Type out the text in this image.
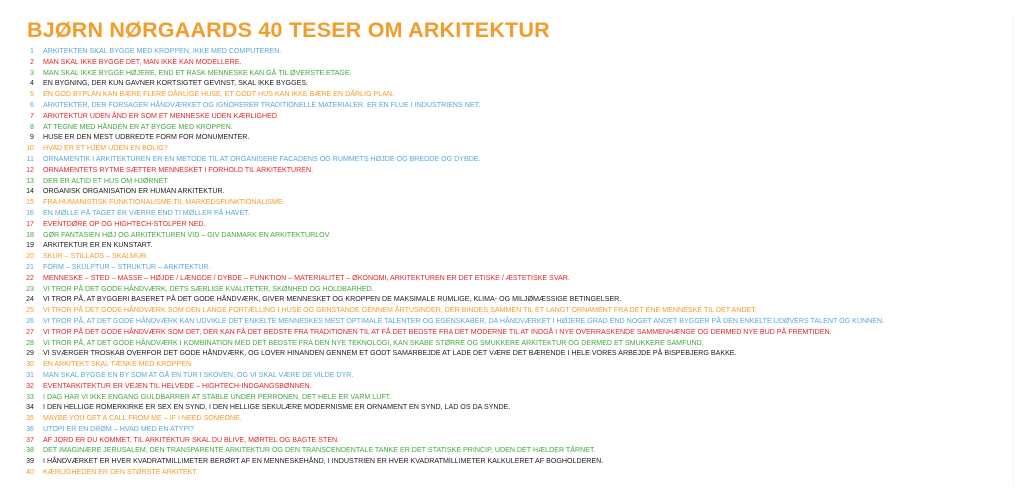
BJØRN NØRGAARDS 40 TESER OM ARKITEKTUR
1 ARKITEKTEN SKAL BYGGE MED KROPPEN, IKKE MED COMPUTEREN.
2 MAN SKAL IKKE BYGGE DET, MAN IKKE KAN MODELLERE.
3 MAN SKAL IKKE BYGGE HØJERE, END ET RASK MENNESKE KAN GÅ TIL ØVERSTE ETAGE.
4 EN BYGNING, DER KUN GAVNER KORTSIGTET GEVINST, SKAL IKKE BYGGES.
5 EN GOD BYPLAN KAN BÆRE FLERE DÅRLIGE HUSE, ET GODT HUS KAN IKKE BÆRE EN DÅRLIG PLAN.
6 ARKITEKTER, DER FORSAGER HÅNDVÆRKET OG IGNORERER TRADITIONELLE MATERIALER, ER EN FLUE I INDUSTRIENS NET.
7 ARKITEKTUR UDEN ÅND ER SOM ET MENNESKE UDEN KÆRLIGHED.
8 AT TEGNE MED HÅNDEN ER AT BYGGE MED KROPPEN.
9 HUSE ER DEN MEST UDBREDTE FORM FOR MONUMENTER.
10 HVAD ER ET HJEM UDEN EN BOLIG?
11 ORNAMENTIK I ARKITEKTUREN ER EN METODE TIL AT ORGANISERE FACADENS OG RUMMETS HØJDE OG BREDDE OG DYBDE.
12 ORNAMENTETS RYTME SÆTTER MENNESKET I FORHOLD TIL ARKITEKTUREN.
13 DER ER ALTID ET HUS OM HJØRNET.
14 ORGANISK ORGANISATION ER HUMAN ARKITEKTUR.
15 FRA HUMANISTISK FUNKTIONALISME TIL MARKEDSFUNKTIONALISME.
16 EN MØLLE PÅ TAGET ER VÆRRE END TI MØLLER PÅ HAVET.
17 EVENTDØRE OP OG HIGHTECH-STOLPER NED.
18 GØR FANTASIEN HØJ OG ARKITEKTUREN VID – GIV DANMARK EN ARKITEKTURLOV.
19 ARKITEKTUR ER EN KUNSTART.
20 SKUR – STILLADS – SKALMUR.
21 FORM – SKULPTUR – STRUKTUR – ARKITEKTUR.
22 MENNESKE – STED – MASSE – HØJDE / LÆNGDE / DYBDE – FUNKTION – MATERIALITET – ØKONOMI, ARKITEKTUREN ER DET ETISKE / ÆSTETISKE SVAR.
23 VI TROR PÅ DET GODE HÅNDVÆRK, DETS SÆRLIGE KVALITETER, SKØNHED OG HOLDBARHED.
24 VI TROR PÅ, AT BYGGERI BASERET PÅ DET GODE HÅNDVÆRK, GIVER MENNESKET OG KROPPEN DE MAKSIMALE RUMLIGE, KLIMA- OG MILJØMÆSSIGE BETINGELSER.
25 VI TROR PÅ DET GODE HÅNDVÆRK SOM DEN LANGE FORTÆLLING I HUSE OG GENSTANDE GENNEM ÅRTUSINDER, DER BINDES SAMMEN TIL ET LANGT ORNAMENT FRA DET ENE MENNESKE TIL DET ANDET.
26 VI TROR PÅ, AT DET GODE HÅNDVÆRK KAN UDVIKLE DET ENKELTE MENNESKES MEST OPTIMALE TALENTER OG EGENSKABER, DA HÅNDVÆRKET I HØJERE GRAD END NOGET ANDET BYGGER PÅ DEN ENKELTE UDØVERS TALENT OG KUNNEN.
27 VI TROR PÅ DET GODE HÅNDVÆRK SOM DET, DER KAN FÅ DET BEDSTE FRA TRADITIONEN TIL AT FÅ DET BEDSTE FRA DET MODERNE TIL AT INDGÅ I NYE OVERRASKENDE SAMMENHÆNGE OG DERMED NYE BUD PÅ FREMTIDEN.
28 VI TROR PÅ, AT DET GODE HÅNDVÆRK I KOMBINATION MED DET BEDSTE FRA DEN NYE TEKNOLOGI, KAN SKABE STØRRE OG SMUKKERE ARKITEKTUR OG DERMED ET SMUKKERE SAMFUND.
29 VI SVÆRGER TROSKAB OVERFOR DET GODE HÅNDVÆRK, OG LOVER HINANDEN GENNEM ET GODT SAMARBEJDE AT LADE DET VÆRE DET BÆRENDE I HELE VORES ARBEJDE PÅ BISPEBJERG BAKKE.
30 EN ARKITEKT SKAL TÆNKE MED KROPPEN.
31 MAN SKAL BYGGE EN BY SOM AT GÅ EN TUR I SKOVEN, OG VI SKAL VÆRE DE VILDE DYR.
32 EVENTARKITEKTUR ER VEJEN TIL HELVEDE – HIGHTECH-INDGANGSBØNNEN.
33 I DAG HAR VI IKKE ENGANG GULDBARRER AT STABLE UNDER PERRONEN, DET HELE ER VARM LUFT.
34 I DEN HELLIGE ROMERKIRKE ER SEX EN SYND, I DEN HELLIGE SEKULÆRE MODERNISME ER ORNAMENT EN SYND, LAD OS DA SYNDE.
35 MAYBE YOU GET A CALL FROM ME – IF I NEED SOMEONE.
36 UTOPI ER EN DRØM – HVAD MED EN ATYPI?
37 AF JORD ER DU KOMMET, TIL ARKITEKTUR SKAL DU BLIVE, MØRTEL OG BAGTE STEN.
38 DET IMAGINÆRE JERUSALEM, DEN TRANSPARENTE ARKITEKTUR OG DEN TRANSCENDENTALE TANKE ER DET STATISKE PRINCIP, UDEN DET HÆLDER TÅRNET.
39 I HÅNDVÆRKET ER HVER KVADRATMILLIMETER BERØRT AF EN MENNESKEHÅND, I INDUSTRIEN ER HVER KVADRATMILLIMETER KALKULERET AF BOGHOLDEREN.
40 KÆRLIGHEDEN ER DEN STØRSTE ARKITEKT.
